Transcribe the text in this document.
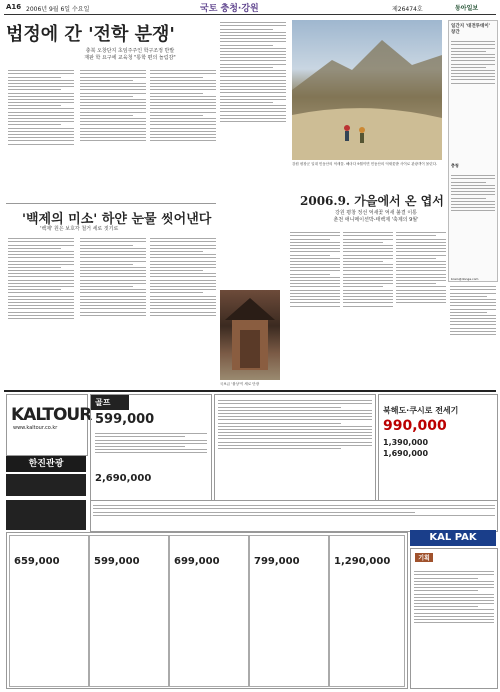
A16 2006년 9월 6일 수요일	국토 충청·강원	제26474호	동아일보
법정에 간 '전학 분쟁'
충북 오창단지 초임주주인 학구조정 반발
재판 학 요구에 교육청 "통학 편의 놀림감"
강원 평창군 일대 민둥산의 억새꽃. 해마다 9월이면 민둥산의 억새꽃밭 사이로 관광객이 몰린다.
일간지 '대전투데이' 창간
충청
brain@donga.com
'백제의 미소' 하얀 눈물 씻어낸다
'백제' 원은 보호각 철거 세로 짓기로
국보급 '불상'이 새로 단장
2006.9. 가을에서 온 엽서
강원 평창 정선 억새꽃 억새 불결 이통
춘천 애니메이션박-태백제 '축제의 9월'
KALTOUR
www.kaltour.co.kr
한진관광
골프
599,000
2,690,000
북해도·쿠시로 전세기
990,000
1,390,000
1,690,000
KAL PAK
659,000	599,000	699,000	799,000	1,290,000	기획
